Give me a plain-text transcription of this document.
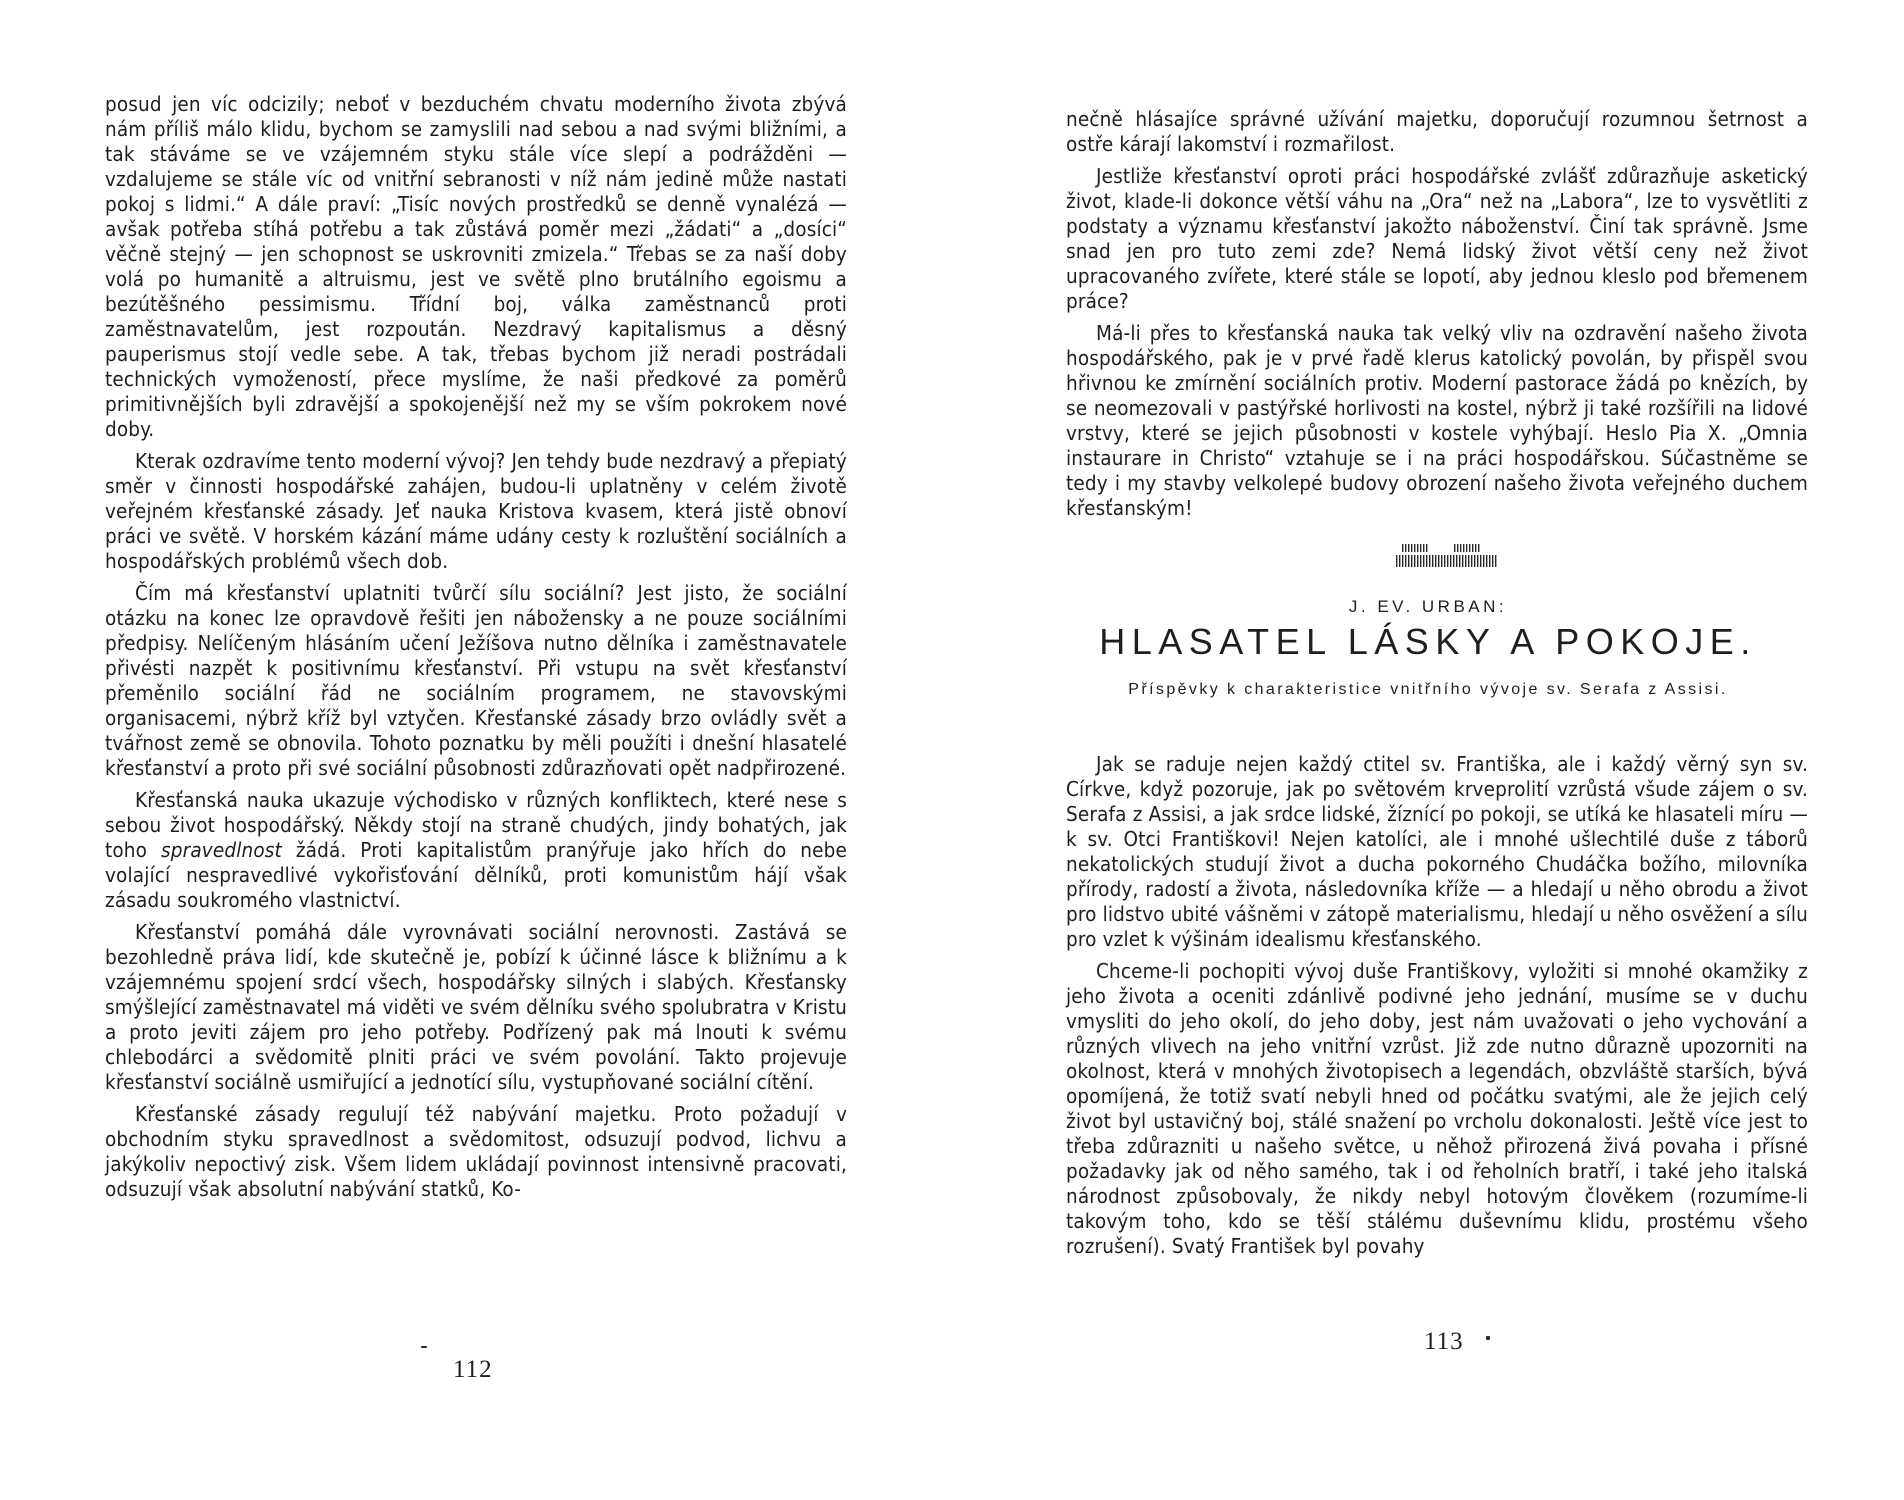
posud jen víc odcizily; neboť v bezduchém chvatu moderního života zbývá nám příliš málo klidu, bychom se zamyslili nad sebou a nad svými bližními, a tak stáváme se ve vzájemném styku stále více slepí a podrážděni — vzdalujeme se stále víc od vnitřní sebranosti v níž nám jedině může nastati pokoj s lidmi.“ A dále praví: „Tisíc nových prostředků se denně vynalézá — avšak potřeba stíhá potřebu a tak zůstává poměr mezi „žádati“ a „dosíci“ věčně stejný — jen schopnost se uskrovniti zmizela.“ Třebas se za naší doby volá po humanitě a altruismu, jest ve světě plno brutálního egoismu a bezútěšného pessimismu. Třídní boj, válka zaměstnanců proti zaměstnavatelům, jest rozpoután. Nezdravý kapitalismus a děsný pauperismus stojí vedle sebe. A tak, třebas bychom již neradi postrádali technických vymožeností, přece myslíme, že naši předkové za poměrů primitivnějších byli zdravější a spokojenější než my se vším pokrokem nové doby.

Kterak ozdravíme tento moderní vývoj? Jen tehdy bude nezdravý a přepiatý směr v činnosti hospodářské zahájen, budou-li uplatněny v celém životě veřejném křesťanské zásady. Jeť nauka Kristova kvasem, která jistě obnoví práci ve světě. V horském kázání máme udány cesty k rozluštění sociálních a hospodářských problémů všech dob.

Čím má křesťanství uplatniti tvůrčí sílu sociální? Jest jisto, že sociální otázku na konec lze opravdově řešiti jen nábožensky a ne pouze sociálními předpisy. Nelíčeným hlásáním učení Ježíšova nutno dělníka i zaměstnavatele přivésti nazpět k positivnímu křesťanství. Při vstupu na svět křesťanství přeměnilo sociální řád ne sociálním programem, ne stavovskými organisacemi, nýbrž kříž byl vztyčen. Křesťanské zásady brzo ovládly svět a tvářnost země se obnovila. Tohoto poznatku by měli použíti i dnešní hlasatelé křesťanství a proto při své sociální působnosti zdůrazňovati opět nadpřirozené.

Křesťanská nauka ukazuje východisko v různých konfliktech, které nese s sebou život hospodářský. Někdy stojí na straně chudých, jindy bohatých, jak toho spravedlnost žádá. Proti kapitalistům pranýřuje jako hřích do nebe volající nespravedlivé vykořisťování dělníků, proti komunistům hájí však zásadu soukromého vlastnictví.

Křesťanství pomáhá dále vyrovnávati sociální nerovnosti. Zastává se bezohledně práva lidí, kde skutečně je, pobízí k účinné lásce k bližnímu a k vzájemnému spojení srdcí všech, hospodářsky silných i slabých. Křesťansky smýšlející zaměstnavatel má viděti ve svém dělníku svého spolubratra v Kristu a proto jeviti zájem pro jeho potřeby. Podřízený pak má lnouti k svému chlebodárci a svědomitě plniti práci ve svém povolání. Takto projevuje křesťanství sociálně usmiřující a jednotící sílu, vystupňované sociální cítění.

Křesťanské zásady regulují též nabývání majetku. Proto požadují v obchodním styku spravedlnost a svědomitost, odsuzují podvod, lichvu a jakýkoliv nepoctivý zisk. Všem lidem ukládají povinnost intensivně pracovati, odsuzují však absolutní nabývání statků, Ko-

112

nečně hlásajíce správné užívání majetku, doporučují rozumnou šetrnost a ostře kárají lakomství i rozmařilost.

Jestliže křesťanství oproti práci hospodářské zvlášť zdůrazňuje asketický život, klade-li dokonce větší váhu na „Ora“ než na „Labora“, lze to vysvětliti z podstaty a významu křesťanství jakožto náboženství. Činí tak správně. Jsme snad jen pro tuto zemi zde? Nemá lidský život větší ceny než život upracovaného zvířete, které stále se lopotí, aby jednou kleslo pod břemenem práce?

Má-li přes to křesťanská nauka tak velký vliv na ozdravění našeho života hospodářského, pak je v prvé řadě klerus katolický povolán, by přispěl svou hřivnou ke zmírnění sociálních protiv. Moderní pastorace žádá po knězích, by se neomezovali v pastýřské horlivosti na kostel, nýbrž ji také rozšířili na lidové vrstvy, které se jejich působnosti v kostele vyhýbají. Heslo Pia X. „Omnia instaurare in Christo“ vztahuje se i na práci hospodářskou. Súčastněme se tedy i my stavby velkolepé budovy obrození našeho života veřejného duchem křesťanským!

J. EV. URBAN:
HLASATEL LÁSKY A POKOJE.
Příspěvky k charakteristice vnitřního vývoje sv. Serafa z Assisi.

Jak se raduje nejen každý ctitel sv. Františka, ale i každý věrný syn sv. Církve, když pozoruje, jak po světovém krveprolití vzrůstá všude zájem o sv. Serafa z Assisi, a jak srdce lidské, žíznící po pokoji, se utíká ke hlasateli míru — k sv. Otci Františkovi! Nejen katolíci, ale i mnohé ušlechtilé duše z táborů nekatolických studují život a ducha pokorného Chudáčka božího, milovníka přírody, radostí a života, následovníka kříže — a hledají u něho obrodu a život pro lidstvo ubité vášněmi v zátopě materialismu, hledají u něho osvěžení a sílu pro vzlet k výšinám idealismu křesťanského.

Chceme-li pochopiti vývoj duše Františkovy, vyložiti si mnohé okamžiky z jeho života a oceniti zdánlivě podivné jeho jednání, musíme se v duchu vmysliti do jeho okolí, do jeho doby, jest nám uvažovati o jeho vychování a různých vlivech na jeho vnitřní vzrůst. Již zde nutno důrazně upozorniti na okolnost, která v mnohých životopisech a legendách, obzvláště starších, bývá opomíjená, že totiž svatí nebyli hned od počátku svatými, ale že jejich celý život byl ustavičný boj, stálé snažení po vrcholu dokonalosti. Ještě více jest to třeba zdůrazniti u našeho světce, u něhož přirozená živá povaha i přísné požadavky jak od něho samého, tak i od řeholních bratří, i také jeho italská národnost způsobovaly, že nikdy nebyl hotovým člověkem (rozumíme-li takovým toho, kdo se těší stálému duševnímu klidu, prostému všeho rozrušení). Svatý František byl povahy

113
